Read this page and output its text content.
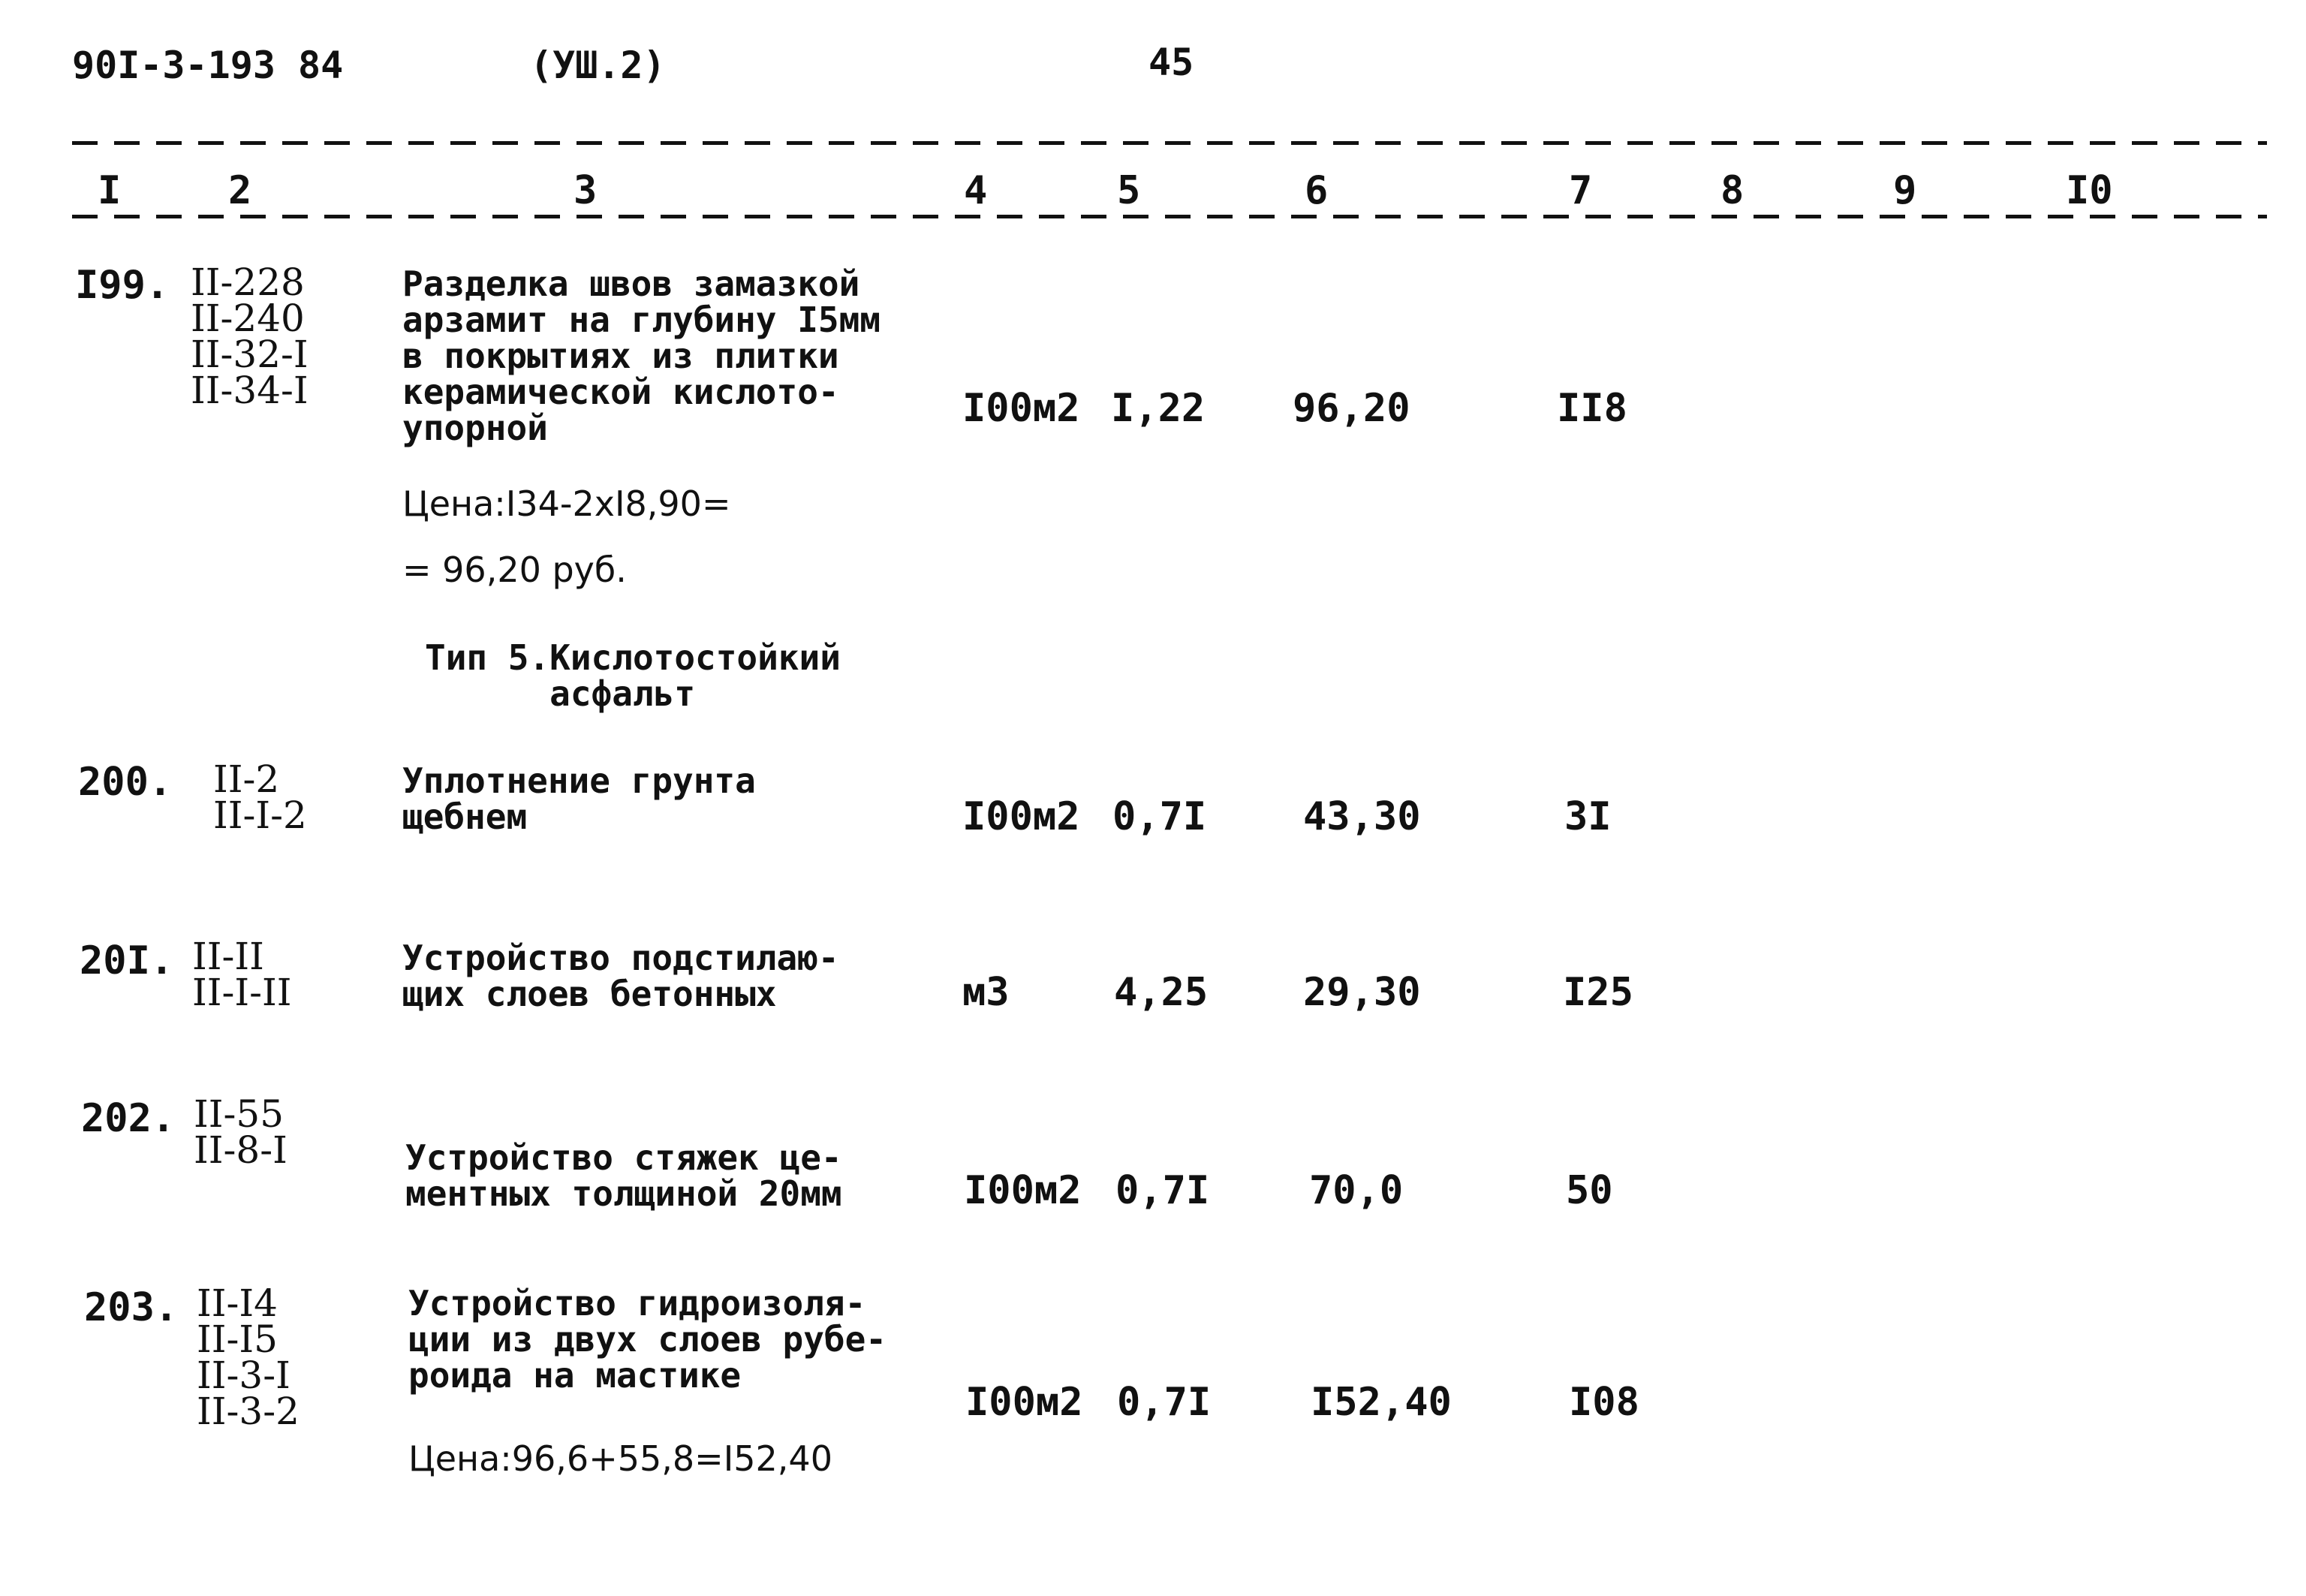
90I-3-193 84	(УШ.2)	45
I	2	3	4	5	6	7	8	9	I0
I99. II-228
II-240
II-32-I
II-34-I
Разделка швов замазкой
арзамит на глубину I5мм
в покрытиях из плитки
керамической кислото-
упорной	I00м2 I,22 96,20	II8
Цена:I34-2xI8,90=
= 96,20 руб.
Тип 5.Кислотостойкий
асфальт
200. II-2
II-I-2
Уплотнение грунта
щебнем	I00м2 0,7I 43,30	3I
20I. II-II
II-I-II
Устройство подстилаю-
щих слоев бетонных	м3	4,25 29,30	I25
202. II-55
II-8-I	Устройство стяжек це-
ментных толщиной 20мм	I00м2 0,7I	70,0	50
203. II-I4
II-I5
II-3-I
II-3-2
Устройство гидроизоля-
ции из двух слоев рубе-
роида на мастике
I00м2 0,7I	I52,40	I08
Цена:96,6+55,8=I52,40
